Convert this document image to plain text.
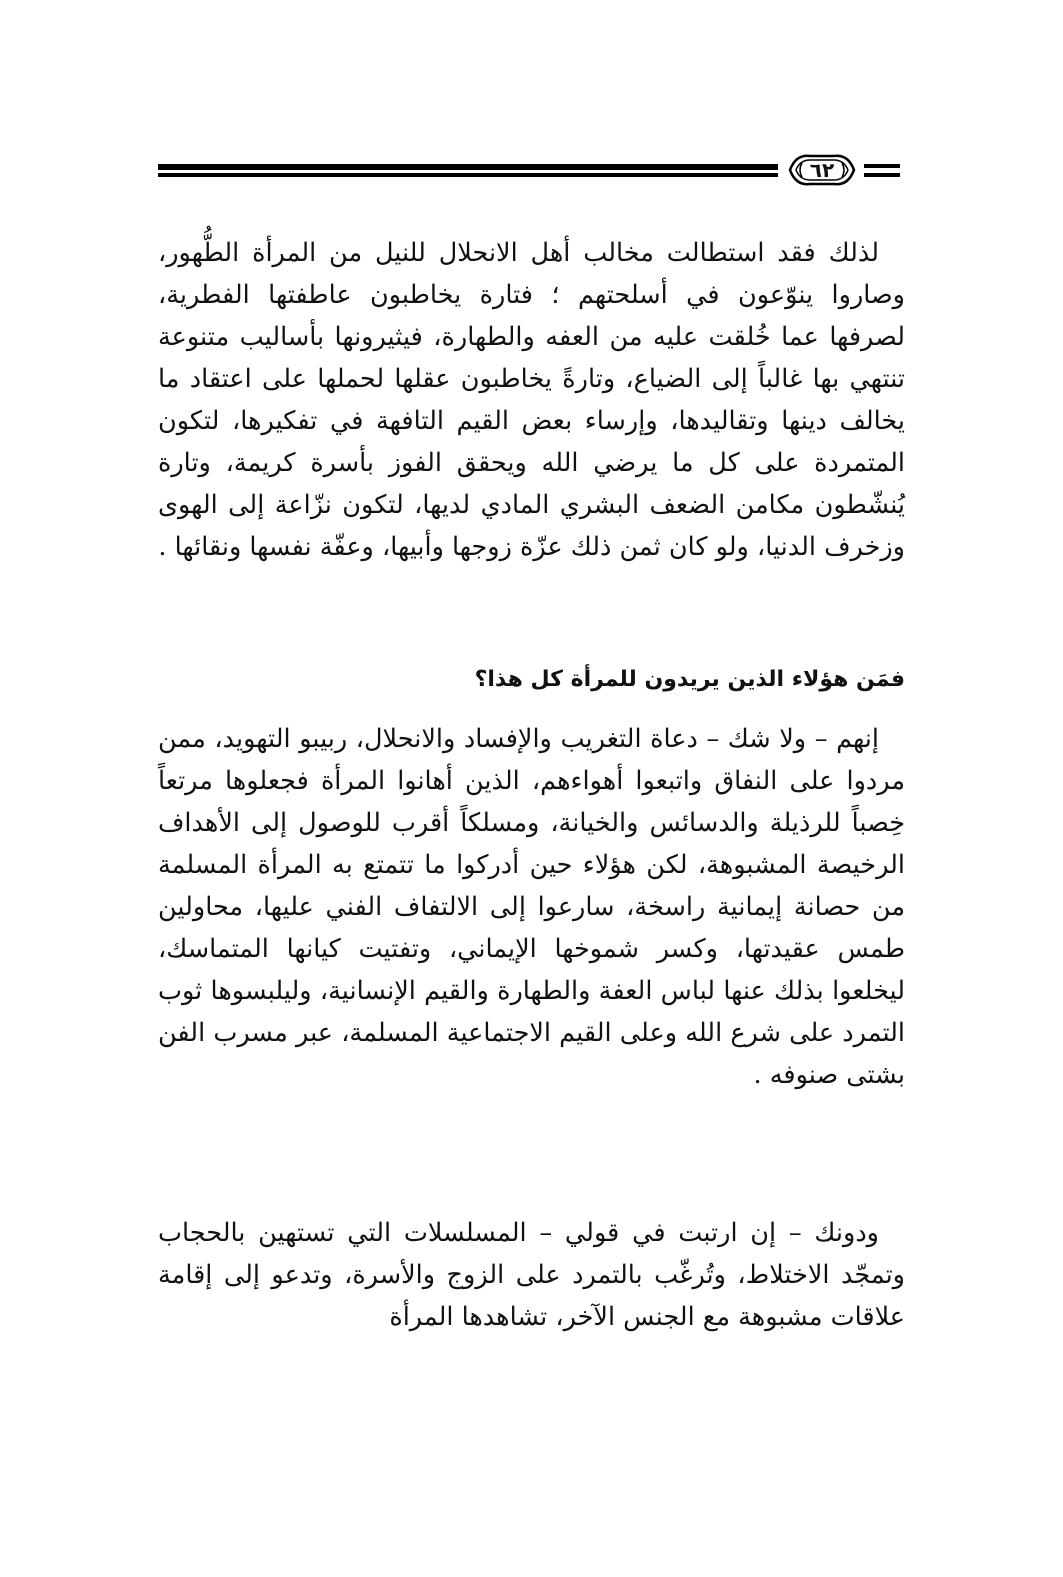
٦٢

لذلك فقد استطالت مخالب أهل الانحلال للنيل من المرأة الطُّهور، وصاروا ينوّعون في أسلحتهم ؛ فتارة يخاطبون عاطفتها الفطرية، لصرفها عما خُلقت عليه من العفه والطهارة، فيثيرونها بأساليب متنوعة تنتهي بها غالباً إلى الضياع، وتارةً يخاطبون عقلها لحملها على اعتقاد ما يخالف دينها وتقاليدها، وإرساء بعض القيم التافهة في تفكيرها، لتكون المتمردة على كل ما يرضي الله ويحقق الفوز بأسرة كريمة، وتارة يُنشّطون مكامن الضعف البشري المادي لديها، لتكون نزّاعة إلى الهوى وزخرف الدنيا، ولو كان ثمن ذلك عزّة زوجها وأبيها، وعفّة نفسها ونقائها .

فمَن هؤلاء الذين يريدون للمرأة كل هذا؟

إنهم – ولا شك – دعاة التغريب والإفساد والانحلال، ربيبو التهويد، ممن مردوا على النفاق واتبعوا أهواءهم، الذين أهانوا المرأة فجعلوها مرتعاً خِصباً للرذيلة والدسائس والخيانة، ومسلكاً أقرب للوصول إلى الأهداف الرخيصة المشبوهة، لكن هؤلاء حين أدركوا ما تتمتع به المرأة المسلمة من حصانة إيمانية راسخة، سارعوا إلى الالتفاف الفني عليها، محاولين طمس عقيدتها، وكسر شموخها الإيماني، وتفتيت كيانها المتماسك، ليخلعوا بذلك عنها لباس العفة والطهارة والقيم الإنسانية، وليلبسوها ثوب التمرد على شرع الله وعلى القيم الاجتماعية المسلمة، عبر مسرب الفن بشتى صنوفه .

ودونك – إن ارتبت في قولي – المسلسلات التي تستهين بالحجاب وتمجّد الاختلاط، وتُرغّب بالتمرد على الزوج والأسرة، وتدعو إلى إقامة علاقات مشبوهة مع الجنس الآخر، تشاهدها المرأة
